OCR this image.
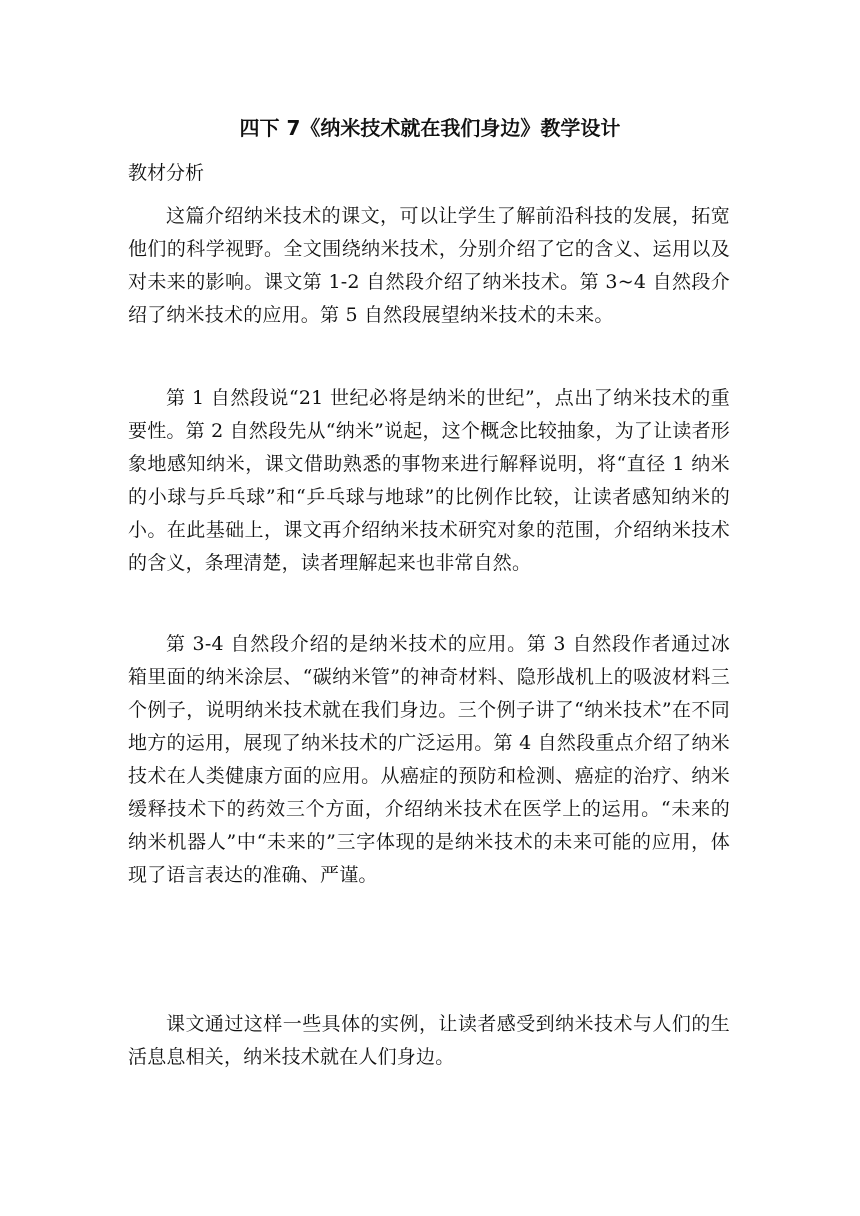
四下 7《纳米技术就在我们身边》教学设计
教材分析

这篇介绍纳米技术的课文，可以让学生了解前沿科技的发展，拓宽他们的科学视野。全文围绕纳米技术，分别介绍了它的含义、运用以及对未来的影响。课文第 1-2 自然段介绍了纳米技术。第 3~4 自然段介绍了纳米技术的应用。第 5 自然段展望纳米技术的未来。

第 1 自然段说“21 世纪必将是纳米的世纪”，点出了纳米技术的重要性。第 2 自然段先从“纳米”说起，这个概念比较抽象，为了让读者形象地感知纳米，课文借助熟悉的事物来进行解释说明，将“直径 1 纳米的小球与乒乓球”和“乒乓球与地球”的比例作比较，让读者感知纳米的小。在此基础上，课文再介绍纳米技术研究对象的范围，介绍纳米技术的含义，条理清楚，读者理解起来也非常自然。

第 3-4 自然段介绍的是纳米技术的应用。第 3 自然段作者通过冰箱里面的纳米涂层、“碳纳米管”的神奇材料、隐形战机上的吸波材料三个例子，说明纳米技术就在我们身边。三个例子讲了“纳米技术”在不同地方的运用，展现了纳米技术的广泛运用。第 4 自然段重点介绍了纳米技术在人类健康方面的应用。从癌症的预防和检测、癌症的治疗、纳米缓释技术下的药效三个方面，介绍纳米技术在医学上的运用。“未来的纳米机器人”中“未来的”三字体现的是纳米技术的未来可能的应用，体现了语言表达的准确、严谨。

课文通过这样一些具体的实例，让读者感受到纳米技术与人们的生活息息相关，纳米技术就在人们身边。
